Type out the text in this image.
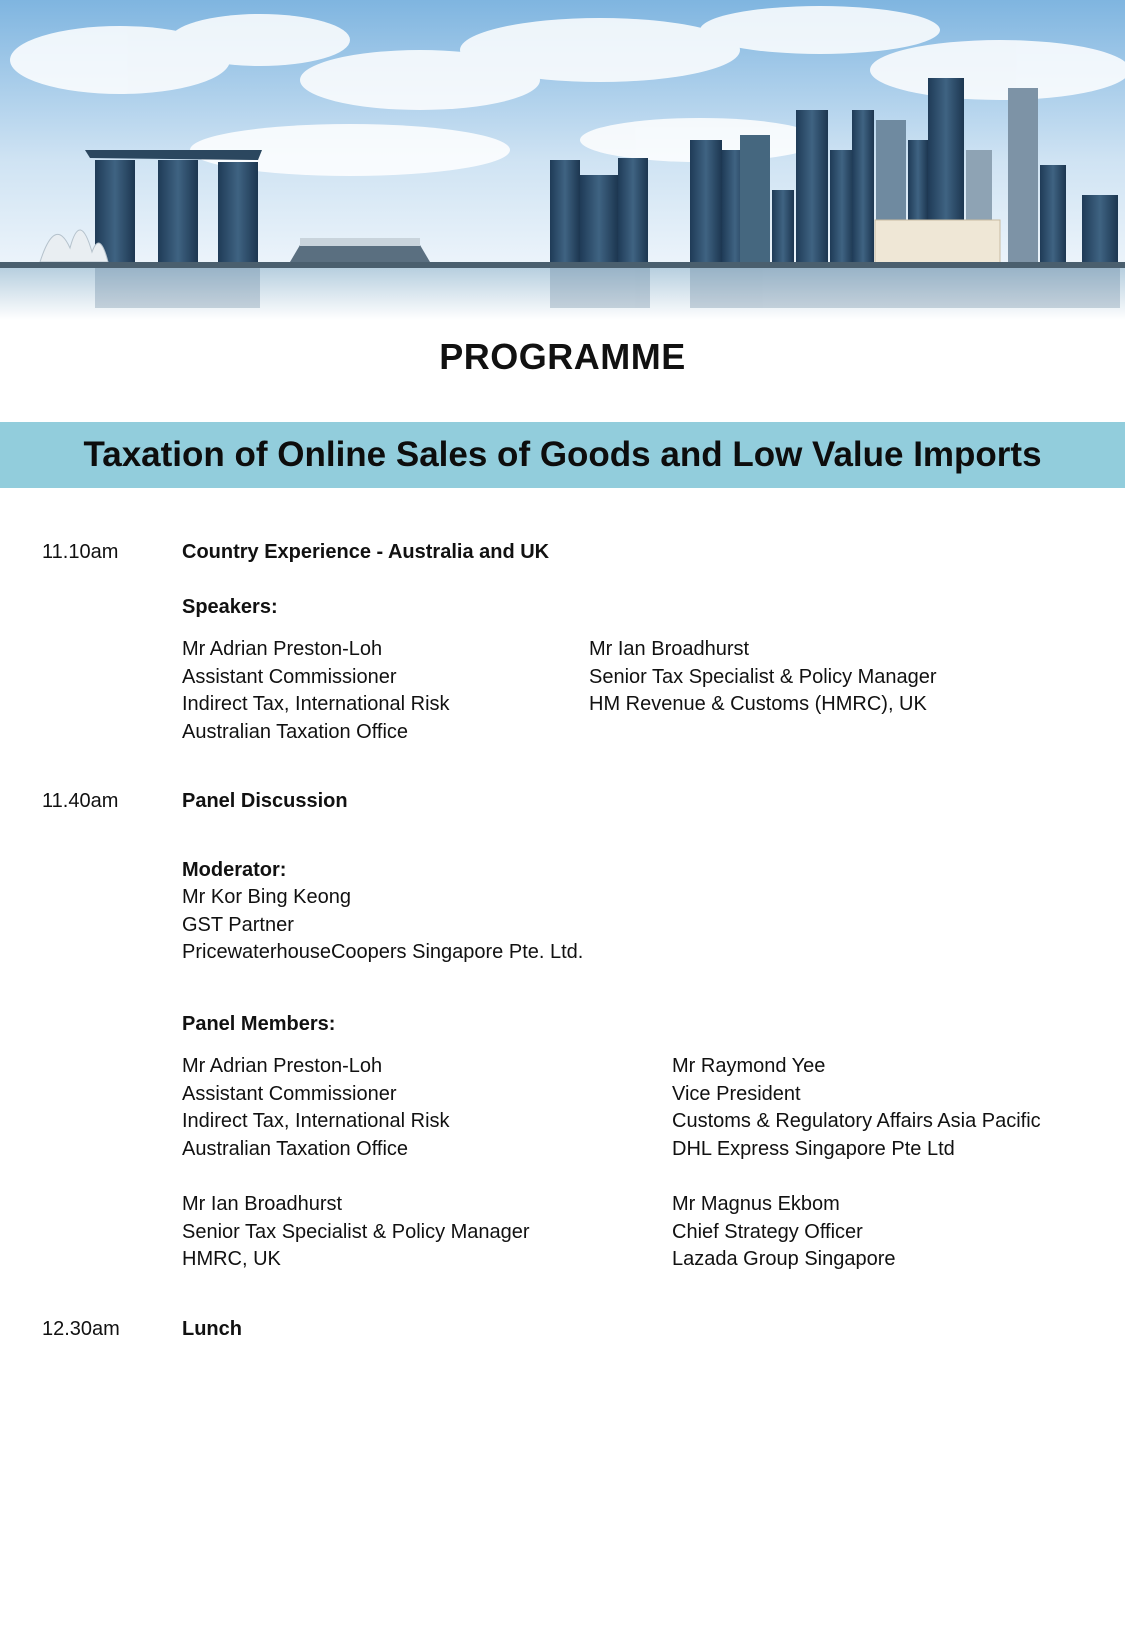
PROGRAMME
Taxation of Online Sales of Goods and Low Value Imports
11.10am	Country Experience - Australia and UK
Speakers:
Mr Adrian Preston-Loh
Assistant Commissioner
Indirect Tax, International Risk
Australian Taxation Office
Mr Ian Broadhurst
Senior Tax Specialist & Policy Manager
HM Revenue & Customs (HMRC), UK
11.40am	Panel Discussion
Moderator:
Mr Kor Bing Keong
GST Partner
PricewaterhouseCoopers Singapore Pte. Ltd.
Panel Members:
Mr Adrian Preston-Loh
Assistant Commissioner
Indirect Tax, International Risk
Australian Taxation Office
Mr Raymond Yee
Vice President
Customs & Regulatory Affairs Asia Pacific
DHL Express Singapore Pte Ltd
Mr Ian Broadhurst
Senior Tax Specialist & Policy Manager
HMRC, UK
Mr Magnus Ekbom
Chief Strategy Officer
Lazada Group Singapore
12.30am	Lunch
